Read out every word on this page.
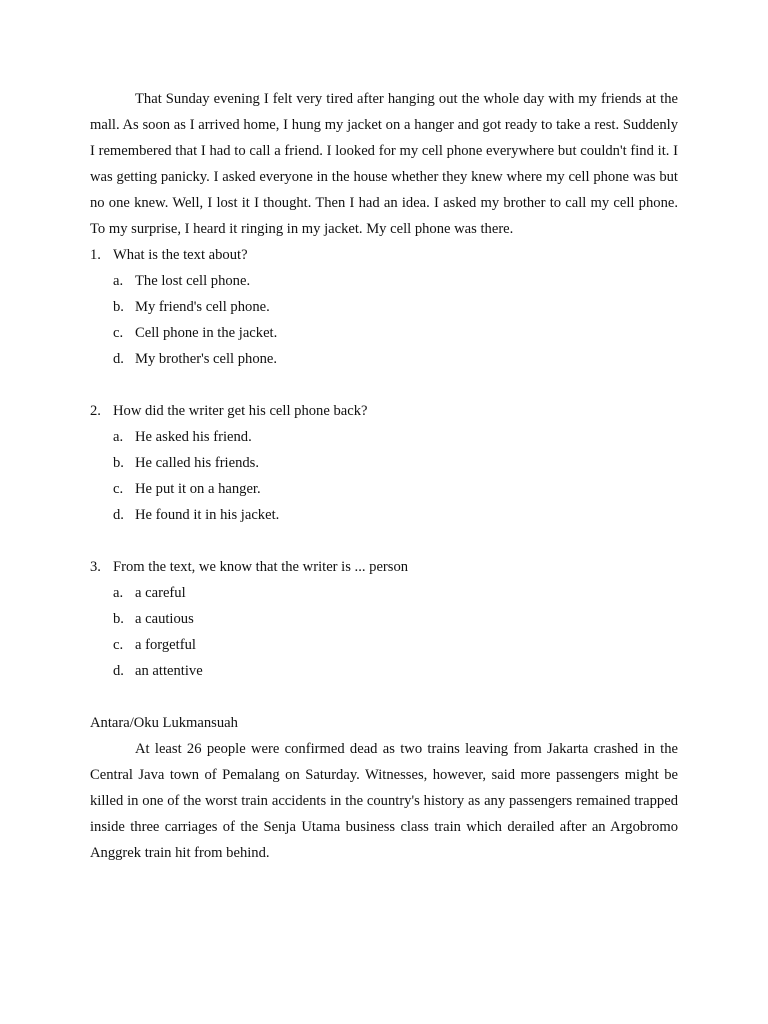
That Sunday evening I felt very tired after hanging out the whole day with my friends at the mall. As soon as I arrived home, I hung my jacket on a hanger and got ready to take a rest. Suddenly I remembered that I had to call a friend. I looked for my cell phone everywhere but couldn't find it. I was getting panicky. I asked everyone in the house whether they knew where my cell phone was but no one knew. Well, I lost it I thought. Then I had an idea. I asked my brother to call my cell phone. To my surprise, I heard it ringing in my jacket. My cell phone was there.

1. What is the text about?
a. The lost cell phone.
b. My friend's cell phone.
c. Cell phone in the jacket.
d. My brother's cell phone.
2. How did the writer get his cell phone back?
a. He asked his friend.
b. He called his friends.
c. He put it on a hanger.
d. He found it in his jacket.
3. From the text, we know that the writer is ... person
a. a careful
b. a cautious
c. a forgetful
d. an attentive

Antara/Oku Lukmansuah

At least 26 people were confirmed dead as two trains leaving from Jakarta crashed in the Central Java town of Pemalang on Saturday. Witnesses, however, said more passengers might be killed in one of the worst train accidents in the country's history as any passengers remained trapped inside three carriages of the Senja Utama business class train which derailed after an Argobromo Anggrek train hit from behind.
